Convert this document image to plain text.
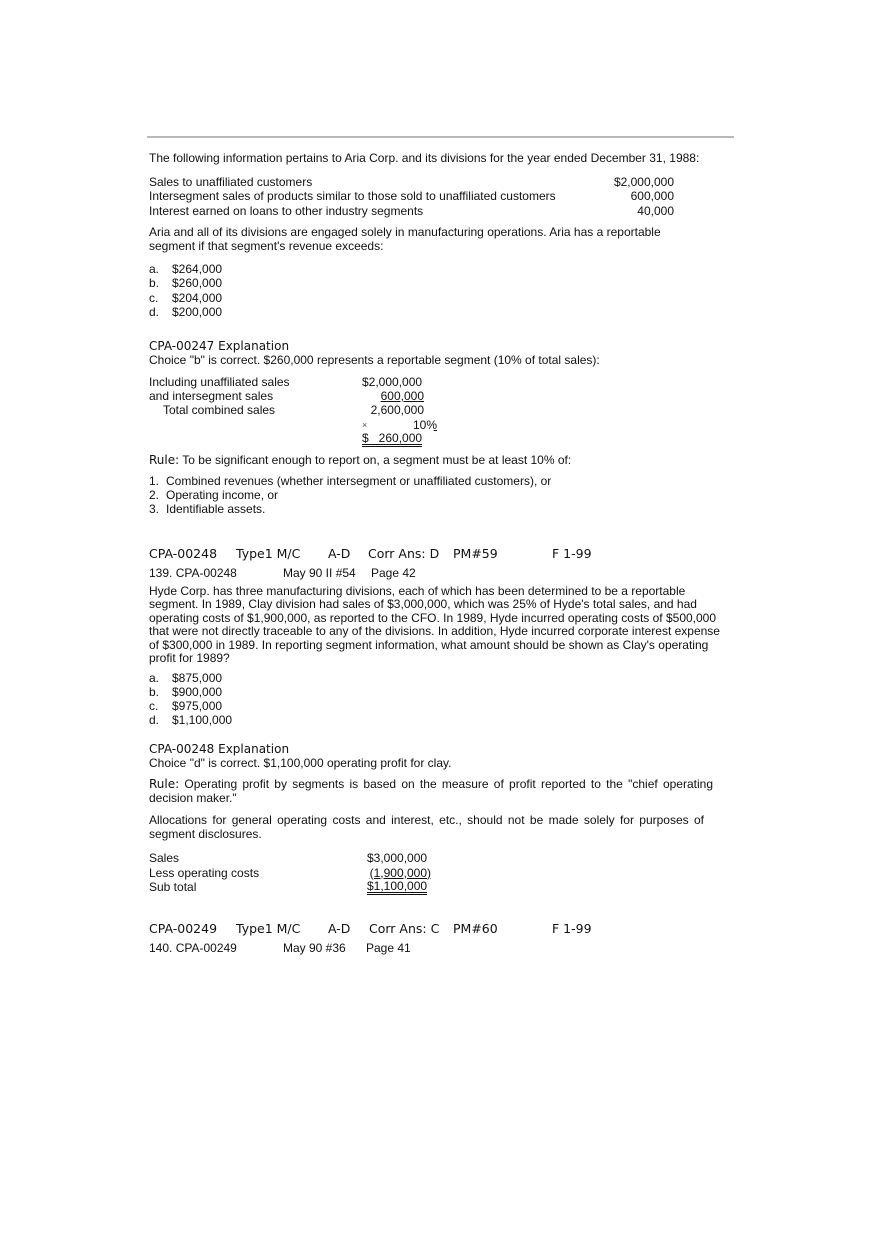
The following information pertains to Aria Corp. and its divisions for the year ended December 31, 1988:

Sales to unaffiliated customers	$2,000,000
Intersegment sales of products similar to those sold to unaffiliated customers	600,000
Interest earned on loans to other industry segments	40,000

Aria and all of its divisions are engaged solely in manufacturing operations. Aria has a reportable segment if that segment's revenue exceeds:

a. $264,000
b. $260,000
c. $204,000
d. $200,000

CPA-00247 Explanation

Choice "b" is correct. $260,000 represents a reportable segment (10% of total sales):

Including unaffiliated sales	$2,000,000
and intersegment sales	600,000
Total combined sales	2,600,000
×	10%

$   260,000

Rule: To be significant enough to report on, a segment must be at least 10% of:

1. Combined revenues (whether intersegment or unaffiliated customers), or
2. Operating income, or
3. Identifiable assets.
CPA-00248 Type1 M/C A-D Corr Ans: D PM#59	F 1-99
139. CPA-00248	May 90 II #54 Page 42

Hyde Corp. has three manufacturing divisions, each of which has been determined to be a reportable segment. In 1989, Clay division had sales of $3,000,000, which was 25% of Hyde's total sales, and had operating costs of $1,900,000, as reported to the CFO. In 1989, Hyde incurred operating costs of $500,000 that were not directly traceable to any of the divisions. In addition, Hyde incurred corporate interest expense of $300,000 in 1989. In reporting segment information, what amount should be shown as Clay's operating profit for 1989?

a. $875,000
b. $900,000
c. $975,000
d. $1,100,000

CPA-00248 Explanation

Choice "d" is correct. $1,100,000 operating profit for clay.

Rule: Operating profit by segments is based on the measure of profit reported to the "chief operating decision maker."

Allocations for general operating costs and interest, etc., should not be made solely for purposes of segment disclosures.

Sales	$3,000,000
Less operating costs	(1,900,000)
Sub total	$1,100,000
CPA-00249 Type1 M/C A-D Corr Ans: C PM#60	F 1-99
140. CPA-00249	May 90 #36 Page 41
